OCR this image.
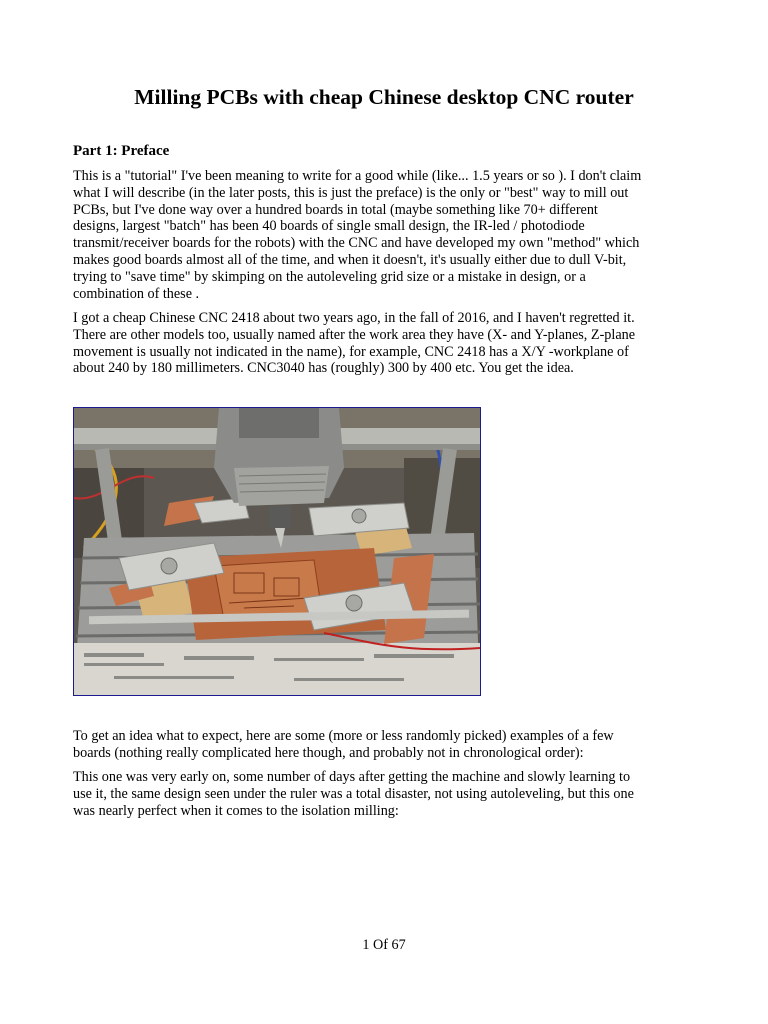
Milling PCBs with cheap Chinese desktop CNC router
Part 1: Preface

This is a "tutorial" I've been meaning to write for a good while (like... 1.5 years or so ). I don't claim
what I will describe (in the later posts, this is just the preface) is the only or "best" way to mill out
PCBs, but I've done way over a hundred boards in total (maybe something like 70+ different
designs, largest "batch" has been 40 boards of single small design, the IR-led / photodiode
transmit/receiver boards for the robots) with the CNC and have developed my own "method" which
makes good boards almost all of the time, and when it doesn't, it's usually either due to dull V-bit,
trying to "save time" by skimping on the autoleveling grid size or a mistake in design, or a
combination of these .

I got a cheap Chinese CNC 2418 about two years ago, in the fall of 2016, and I haven't regretted it.
There are other models too, usually named after the work area they have (X- and Y-planes, Z-plane
movement is usually not indicated in the name), for example, CNC 2418 has a X/Y -workplane of
about 240 by 180 millimeters. CNC3040 has (roughly) 300 by 400 etc. You get the idea.

To get an idea what to expect, here are some (more or less randomly picked) examples of a few
boards (nothing really complicated here though, and probably not in chronological order):

This one was very early on, some number of days after getting the machine and slowly learning to
use it, the same design seen under the ruler was a total disaster, not using autoleveling, but this one
was nearly perfect when it comes to the isolation milling:

1 Of 67
